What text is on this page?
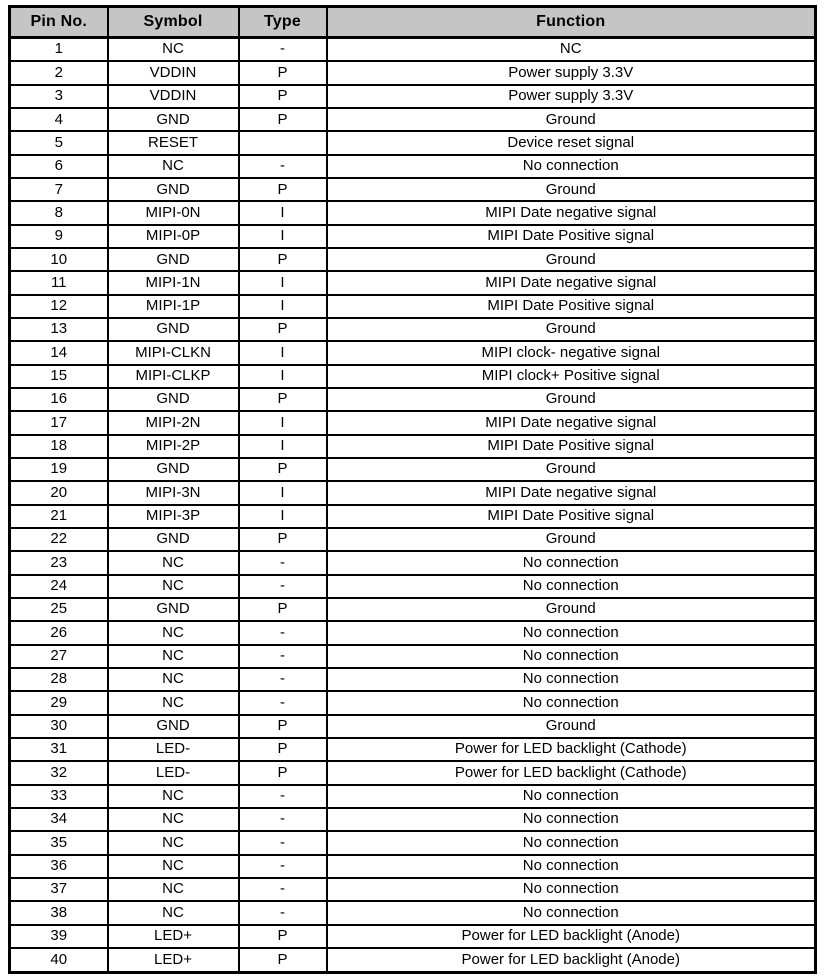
Pin No.	Symbol	Type	Function
1	NC	-	NC
2	VDDIN	P	Power supply 3.3V
3	VDDIN	P	Power supply 3.3V
4	GND	P	Ground
5	RESET		Device reset signal
6	NC	-	No connection
7	GND	P	Ground
8	MIPI-0N	I	MIPI Date negative signal
9	MIPI-0P	I	MIPI Date Positive signal
10	GND	P	Ground
11	MIPI-1N	I	MIPI Date negative signal
12	MIPI-1P	I	MIPI Date Positive signal
13	GND	P	Ground
14	MIPI-CLKN	I	MIPI clock- negative signal
15	MIPI-CLKP	I	MIPI clock+ Positive signal
16	GND	P	Ground
17	MIPI-2N	I	MIPI Date negative signal
18	MIPI-2P	I	MIPI Date Positive signal
19	GND	P	Ground
20	MIPI-3N	I	MIPI Date negative signal
21	MIPI-3P	I	MIPI Date Positive signal
22	GND	P	Ground
23	NC	-	No connection
24	NC	-	No connection
25	GND	P	Ground
26	NC	-	No connection
27	NC	-	No connection
28	NC	-	No connection
29	NC	-	No connection
30	GND	P	Ground
31	LED-	P	Power for LED backlight (Cathode)
32	LED-	P	Power for LED backlight (Cathode)
33	NC	-	No connection
34	NC	-	No connection
35	NC	-	No connection
36	NC	-	No connection
37	NC	-	No connection
38	NC	-	No connection
39	LED+	P	Power for LED backlight (Anode)
40	LED+	P	Power for LED backlight (Anode)
